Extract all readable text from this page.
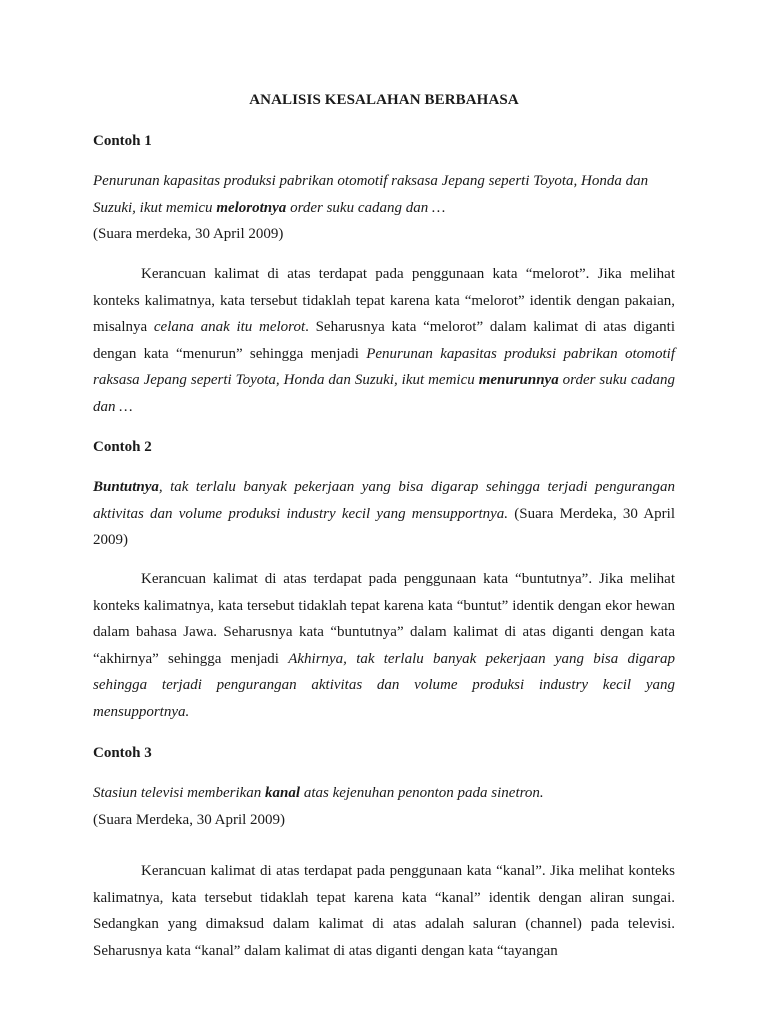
ANALISIS KESALAHAN BERBAHASA
Contoh 1
Penurunan kapasitas produksi pabrikan otomotif raksasa Jepang seperti Toyota, Honda dan Suzuki, ikut memicu melorotnya order suku cadang dan …
(Suara merdeka, 30 April 2009)
Kerancuan kalimat di atas terdapat pada penggunaan kata “melorot”. Jika melihat konteks kalimatnya, kata tersebut tidaklah tepat karena kata “melorot” identik dengan pakaian, misalnya celana anak itu melorot. Seharusnya kata “melorot” dalam kalimat di atas diganti dengan kata “menurun” sehingga menjadi Penurunan kapasitas produksi pabrikan otomotif raksasa Jepang seperti Toyota, Honda dan Suzuki, ikut memicu menurunnya order suku cadang dan …
Contoh 2
Buntutnya, tak terlalu banyak pekerjaan yang bisa digarap sehingga terjadi pengurangan aktivitas dan volume produksi industry kecil yang mensupportnya. (Suara Merdeka, 30 April 2009)
Kerancuan kalimat di atas terdapat pada penggunaan kata “buntutnya”. Jika melihat konteks kalimatnya, kata tersebut tidaklah tepat karena kata “buntut” identik dengan ekor hewan dalam bahasa Jawa. Seharusnya kata “buntutnya” dalam kalimat di atas diganti dengan kata “akhirnya” sehingga menjadi Akhirnya, tak terlalu banyak pekerjaan yang bisa digarap sehingga terjadi pengurangan aktivitas dan volume produksi industry kecil yang mensupportnya.
Contoh 3
Stasiun televisi memberikan kanal atas kejenuhan penonton pada sinetron.
(Suara Merdeka, 30 April 2009)
Kerancuan kalimat di atas terdapat pada penggunaan kata “kanal”. Jika melihat konteks kalimatnya, kata tersebut tidaklah tepat karena kata “kanal” identik dengan aliran sungai. Sedangkan yang dimaksud dalam kalimat di atas adalah saluran (channel) pada televisi. Seharusnya kata “kanal” dalam kalimat di atas diganti dengan kata “tayangan
